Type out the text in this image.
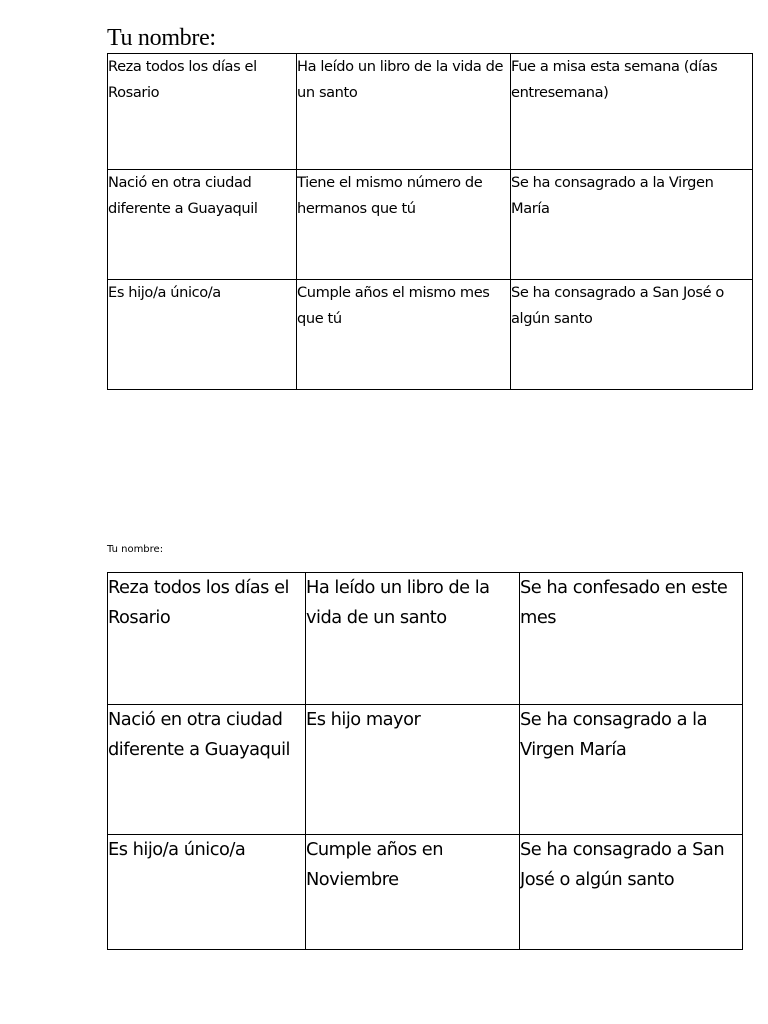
Tu nombre:
Reza todos los días el Rosario	Ha leído un libro de la vida de un santo	Fue a misa esta semana (días entresemana)
Nació en otra ciudad diferente a Guayaquil	Tiene el mismo número de hermanos que tú	Se ha consagrado a la Virgen María
Es hijo/a único/a	Cumple años el mismo mes que tú	Se ha consagrado a San José o algún santo
Tu nombre:
Reza todos los días el Rosario	Ha leído un libro de la vida de un santo	Se ha confesado en este mes
Nació en otra ciudad diferente a Guayaquil	Es hijo mayor	Se ha consagrado a la Virgen María
Es hijo/a único/a	Cumple años en Noviembre	Se ha consagrado a San José o algún santo
